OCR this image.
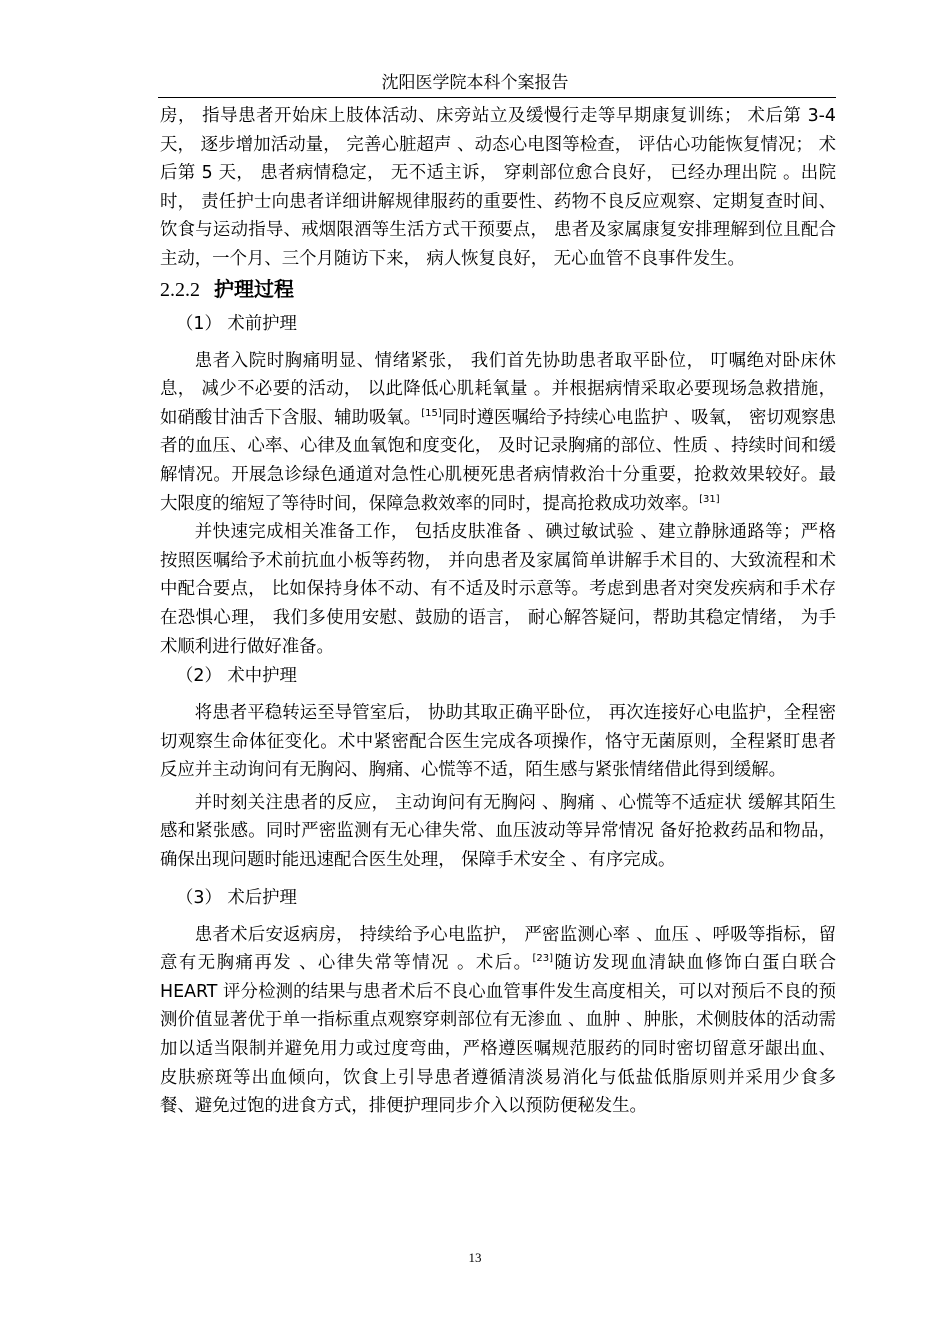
沈阳医学院本科个案报告

房， 指导患者开始床上肢体活动、床旁站立及缓慢行走等早期康复训练； 术后第 3-4 天， 逐步增加活动量， 完善心脏超声 、动态心电图等检查， 评估心功能恢复情况； 术后第 5 天， 患者病情稳定， 无不适主诉， 穿刺部位愈合良好， 已经办理出院 。出院时， 责任护士向患者详细讲解规律服药的重要性、药物不良反应观察、定期复查时间、饮食与运动指导、戒烟限酒等生活方式干预要点， 患者及家属康复安排理解到位且配合主动，一个月、三个月随访下来， 病人恢复良好， 无心血管不良事件发生。

2.2.2 护理过程

（1） 术前护理

患者入院时胸痛明显、情绪紧张， 我们首先协助患者取平卧位， 叮嘱绝对卧床休息， 减少不必要的活动， 以此降低心肌耗氧量 。并根据病情采取必要现场急救措施，如硝酸甘油舌下含服、辅助吸氧。[15]同时遵医嘱给予持续心电监护 、吸氧， 密切观察患者的血压、心率、心律及血氧饱和度变化， 及时记录胸痛的部位、性质 、持续时间和缓解情况。开展急诊绿色通道对急性心肌梗死患者病情救治十分重要，抢救效果较好。最大限度的缩短了等待时间，保障急救效率的同时，提高抢救成功效率。[31]

并快速完成相关准备工作， 包括皮肤准备 、碘过敏试验 、建立静脉通路等；严格按照医嘱给予术前抗血小板等药物， 并向患者及家属简单讲解手术目的、大致流程和术中配合要点， 比如保持身体不动、有不适及时示意等。考虑到患者对突发疾病和手术存在恐惧心理， 我们多使用安慰、鼓励的语言， 耐心解答疑问，帮助其稳定情绪， 为手术顺利进行做好准备。

（2） 术中护理

将患者平稳转运至导管室后， 协助其取正确平卧位， 再次连接好心电监护，全程密切观察生命体征变化。术中紧密配合医生完成各项操作，恪守无菌原则，全程紧盯患者反应并主动询问有无胸闷、胸痛、心慌等不适，陌生感与紧张情绪借此得到缓解。

并时刻关注患者的反应， 主动询问有无胸闷 、胸痛 、心慌等不适症状 缓解其陌生感和紧张感。同时严密监测有无心律失常、血压波动等异常情况 备好抢救药品和物品， 确保出现问题时能迅速配合医生处理， 保障手术安全 、有序完成。

（3） 术后护理

患者术后安返病房， 持续给予心电监护， 严密监测心率 、血压 、呼吸等指标，留意有无胸痛再发 、心律失常等情况 。术后。[23]随访发现血清缺血修饰白蛋白联合 HEART 评分检测的结果与患者术后不良心血管事件发生高度相关，可以对预后不良的预测价值显著优于单一指标重点观察穿刺部位有无渗血 、血肿 、肿胀，术侧肢体的活动需加以适当限制并避免用力或过度弯曲，严格遵医嘱规范服药的同时密切留意牙龈出血、皮肤瘀斑等出血倾向，饮食上引导患者遵循清淡易消化与低盐低脂原则并采用少食多餐、避免过饱的进食方式，排便护理同步介入以预防便秘发生。

13
